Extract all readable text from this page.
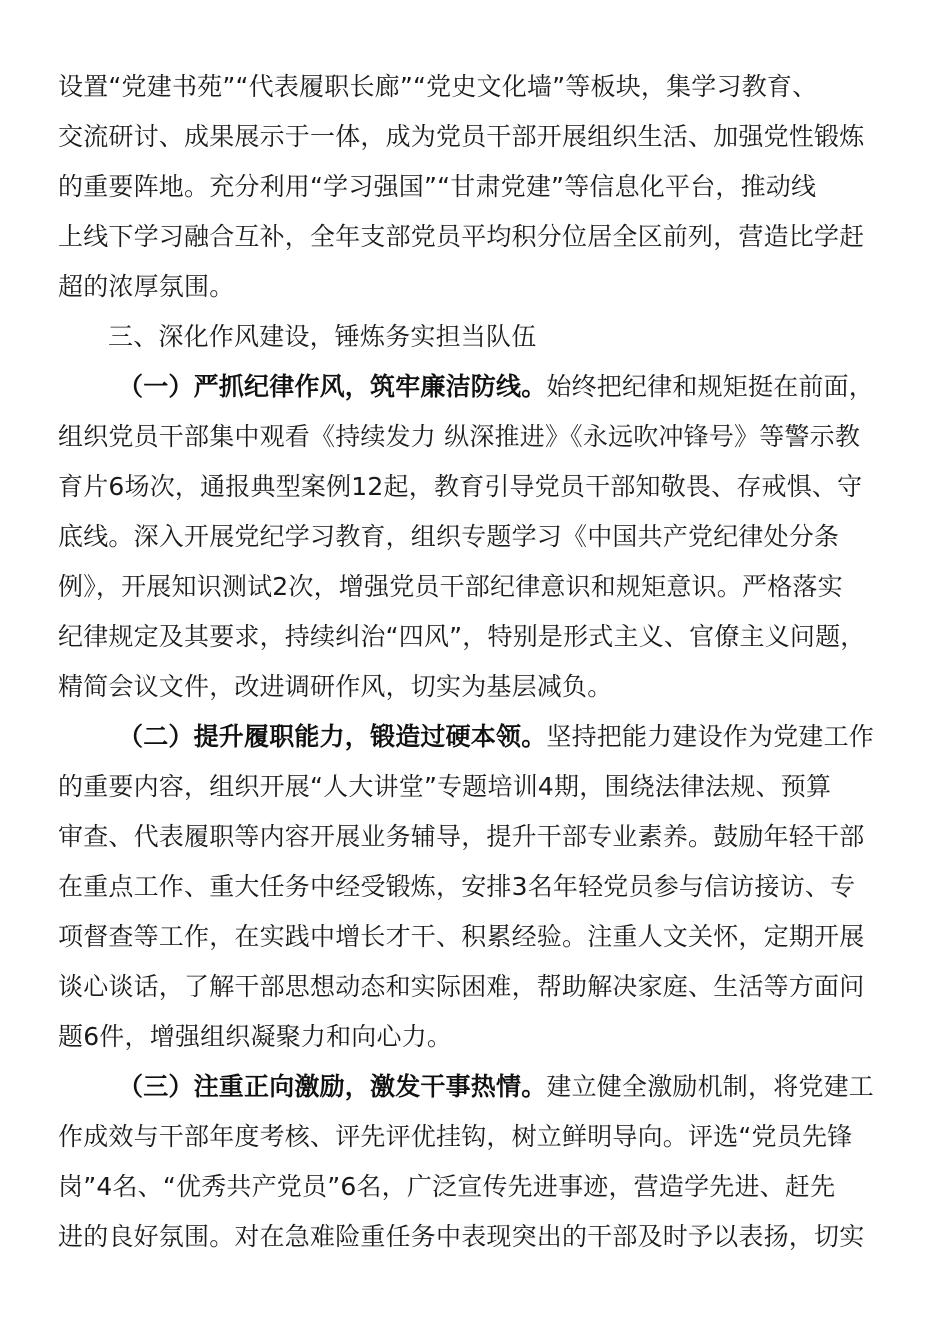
设置“党建书苑”“代表履职长廊”“党史文化墙”等板块，集学习教育、
交流研讨、成果展示于一体，成为党员干部开展组织生活、加强党性锻炼
的重要阵地。充分利用“学习强国”“甘肃党建”等信息化平台，推动线
上线下学习融合互补，全年支部党员平均积分位居全区前列，营造比学赶
超的浓厚氛围。
三、深化作风建设，锤炼务实担当队伍
（一）严抓纪律作风，筑牢廉洁防线。始终把纪律和规矩挺在前面，
组织党员干部集中观看《持续发力 纵深推进》《永远吹冲锋号》等警示教
育片6场次，通报典型案例12起，教育引导党员干部知敬畏、存戒惧、守
底线。深入开展党纪学习教育，组织专题学习《中国共产党纪律处分条
例》，开展知识测试2次，增强党员干部纪律意识和规矩意识。严格落实
纪律规定及其要求，持续纠治“四风”，特别是形式主义、官僚主义问题，
精简会议文件，改进调研作风，切实为基层减负。
（二）提升履职能力，锻造过硬本领。坚持把能力建设作为党建工作
的重要内容，组织开展“人大讲堂”专题培训4期，围绕法律法规、预算
审查、代表履职等内容开展业务辅导，提升干部专业素养。鼓励年轻干部
在重点工作、重大任务中经受锻炼，安排3名年轻党员参与信访接访、专
项督查等工作，在实践中增长才干、积累经验。注重人文关怀，定期开展
谈心谈话，了解干部思想动态和实际困难，帮助解决家庭、生活等方面问
题6件，增强组织凝聚力和向心力。
（三）注重正向激励，激发干事热情。建立健全激励机制，将党建工
作成效与干部年度考核、评先评优挂钩，树立鲜明导向。评选“党员先锋
岗”4名、“优秀共产党员”6名，广泛宣传先进事迹，营造学先进、赶先
进的良好氛围。对在急难险重任务中表现突出的干部及时予以表扬，切实
